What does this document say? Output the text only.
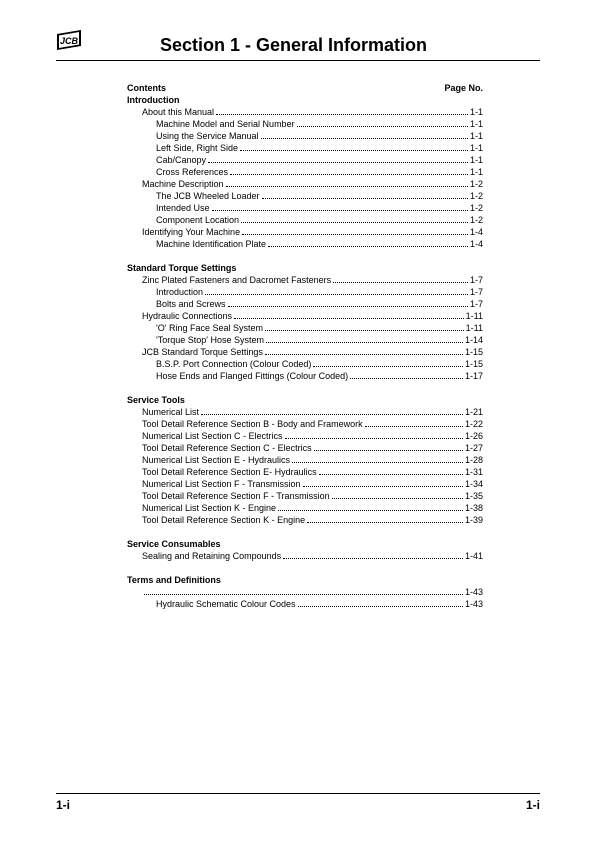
JCB	Section 1 - General Information
Contents	Page No.
Introduction
About this Manual	1-1
Machine Model and Serial Number	1-1
Using the Service Manual	1-1
Left Side, Right Side	1-1
Cab/Canopy	1-1
Cross References	1-1
Machine Description	1-2
The JCB Wheeled Loader	1-2
Intended Use	1-2
Component Location	1-2
Identifying Your Machine	1-4
Machine Identification Plate	1-4
Standard Torque Settings
Zinc Plated Fasteners and Dacromet Fasteners	1-7
Introduction	1-7
Bolts and Screws	1-7
Hydraulic Connections	1-11
'O' Ring Face Seal System	1-11
'Torque Stop' Hose System	1-14
JCB Standard Torque Settings	1-15
B.S.P. Port Connection (Colour Coded)	1-15
Hose Ends and Flanged Fittings (Colour Coded)	1-17
Service Tools
Numerical List	1-21
Tool Detail Reference Section B - Body and Framework	1-22
Numerical List Section C - Electrics	1-26
Tool Detail Reference Section C - Electrics	1-27
Numerical List Section E - Hydraulics	1-28
Tool Detail Reference Section E- Hydraulics	1-31
Numerical List Section F - Transmission	1-34
Tool Detail Reference Section F - Transmission	1-35
Numerical List Section K - Engine	1-38
Tool Detail Reference Section K - Engine	1-39
Service Consumables
Sealing and Retaining Compounds	1-41
Terms and Definitions
1-43
Hydraulic Schematic Colour Codes	1-43
1-i	1-i
